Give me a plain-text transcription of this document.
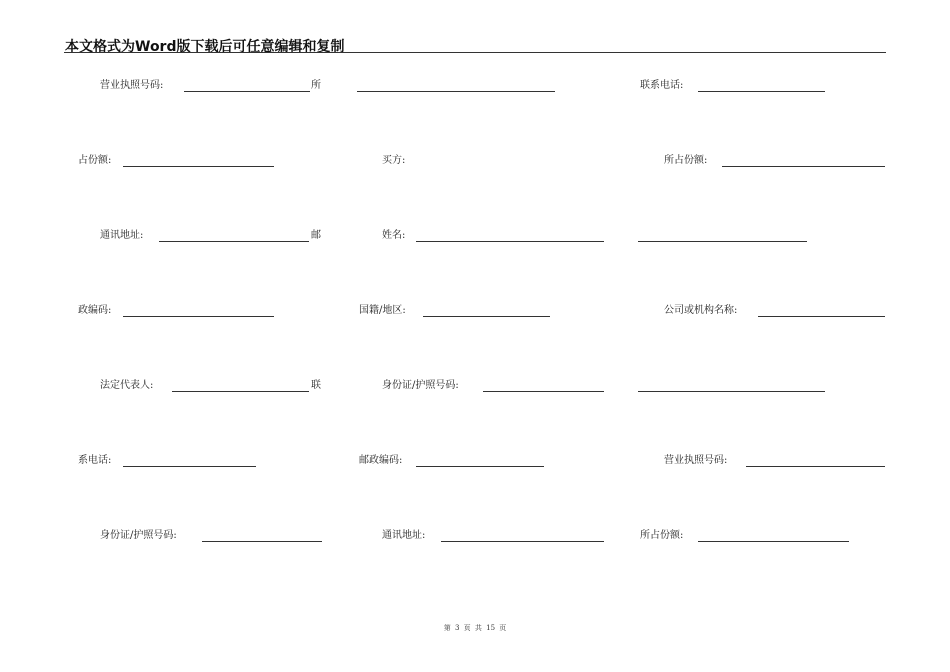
本文格式为Word版下载后可任意编辑和复制
营业执照号码:	所	联系电话:
占份额:	买方:	所占份额:
通讯地址:	邮	姓名:
政编码:	国籍/地区:	公司或机构名称:
法定代表人:	联	身份证/护照号码:
系电话:	邮政编码:	营业执照号码:
身份证/护照号码:	通讯地址:	所占份额:
第 3 页 共 15 页
